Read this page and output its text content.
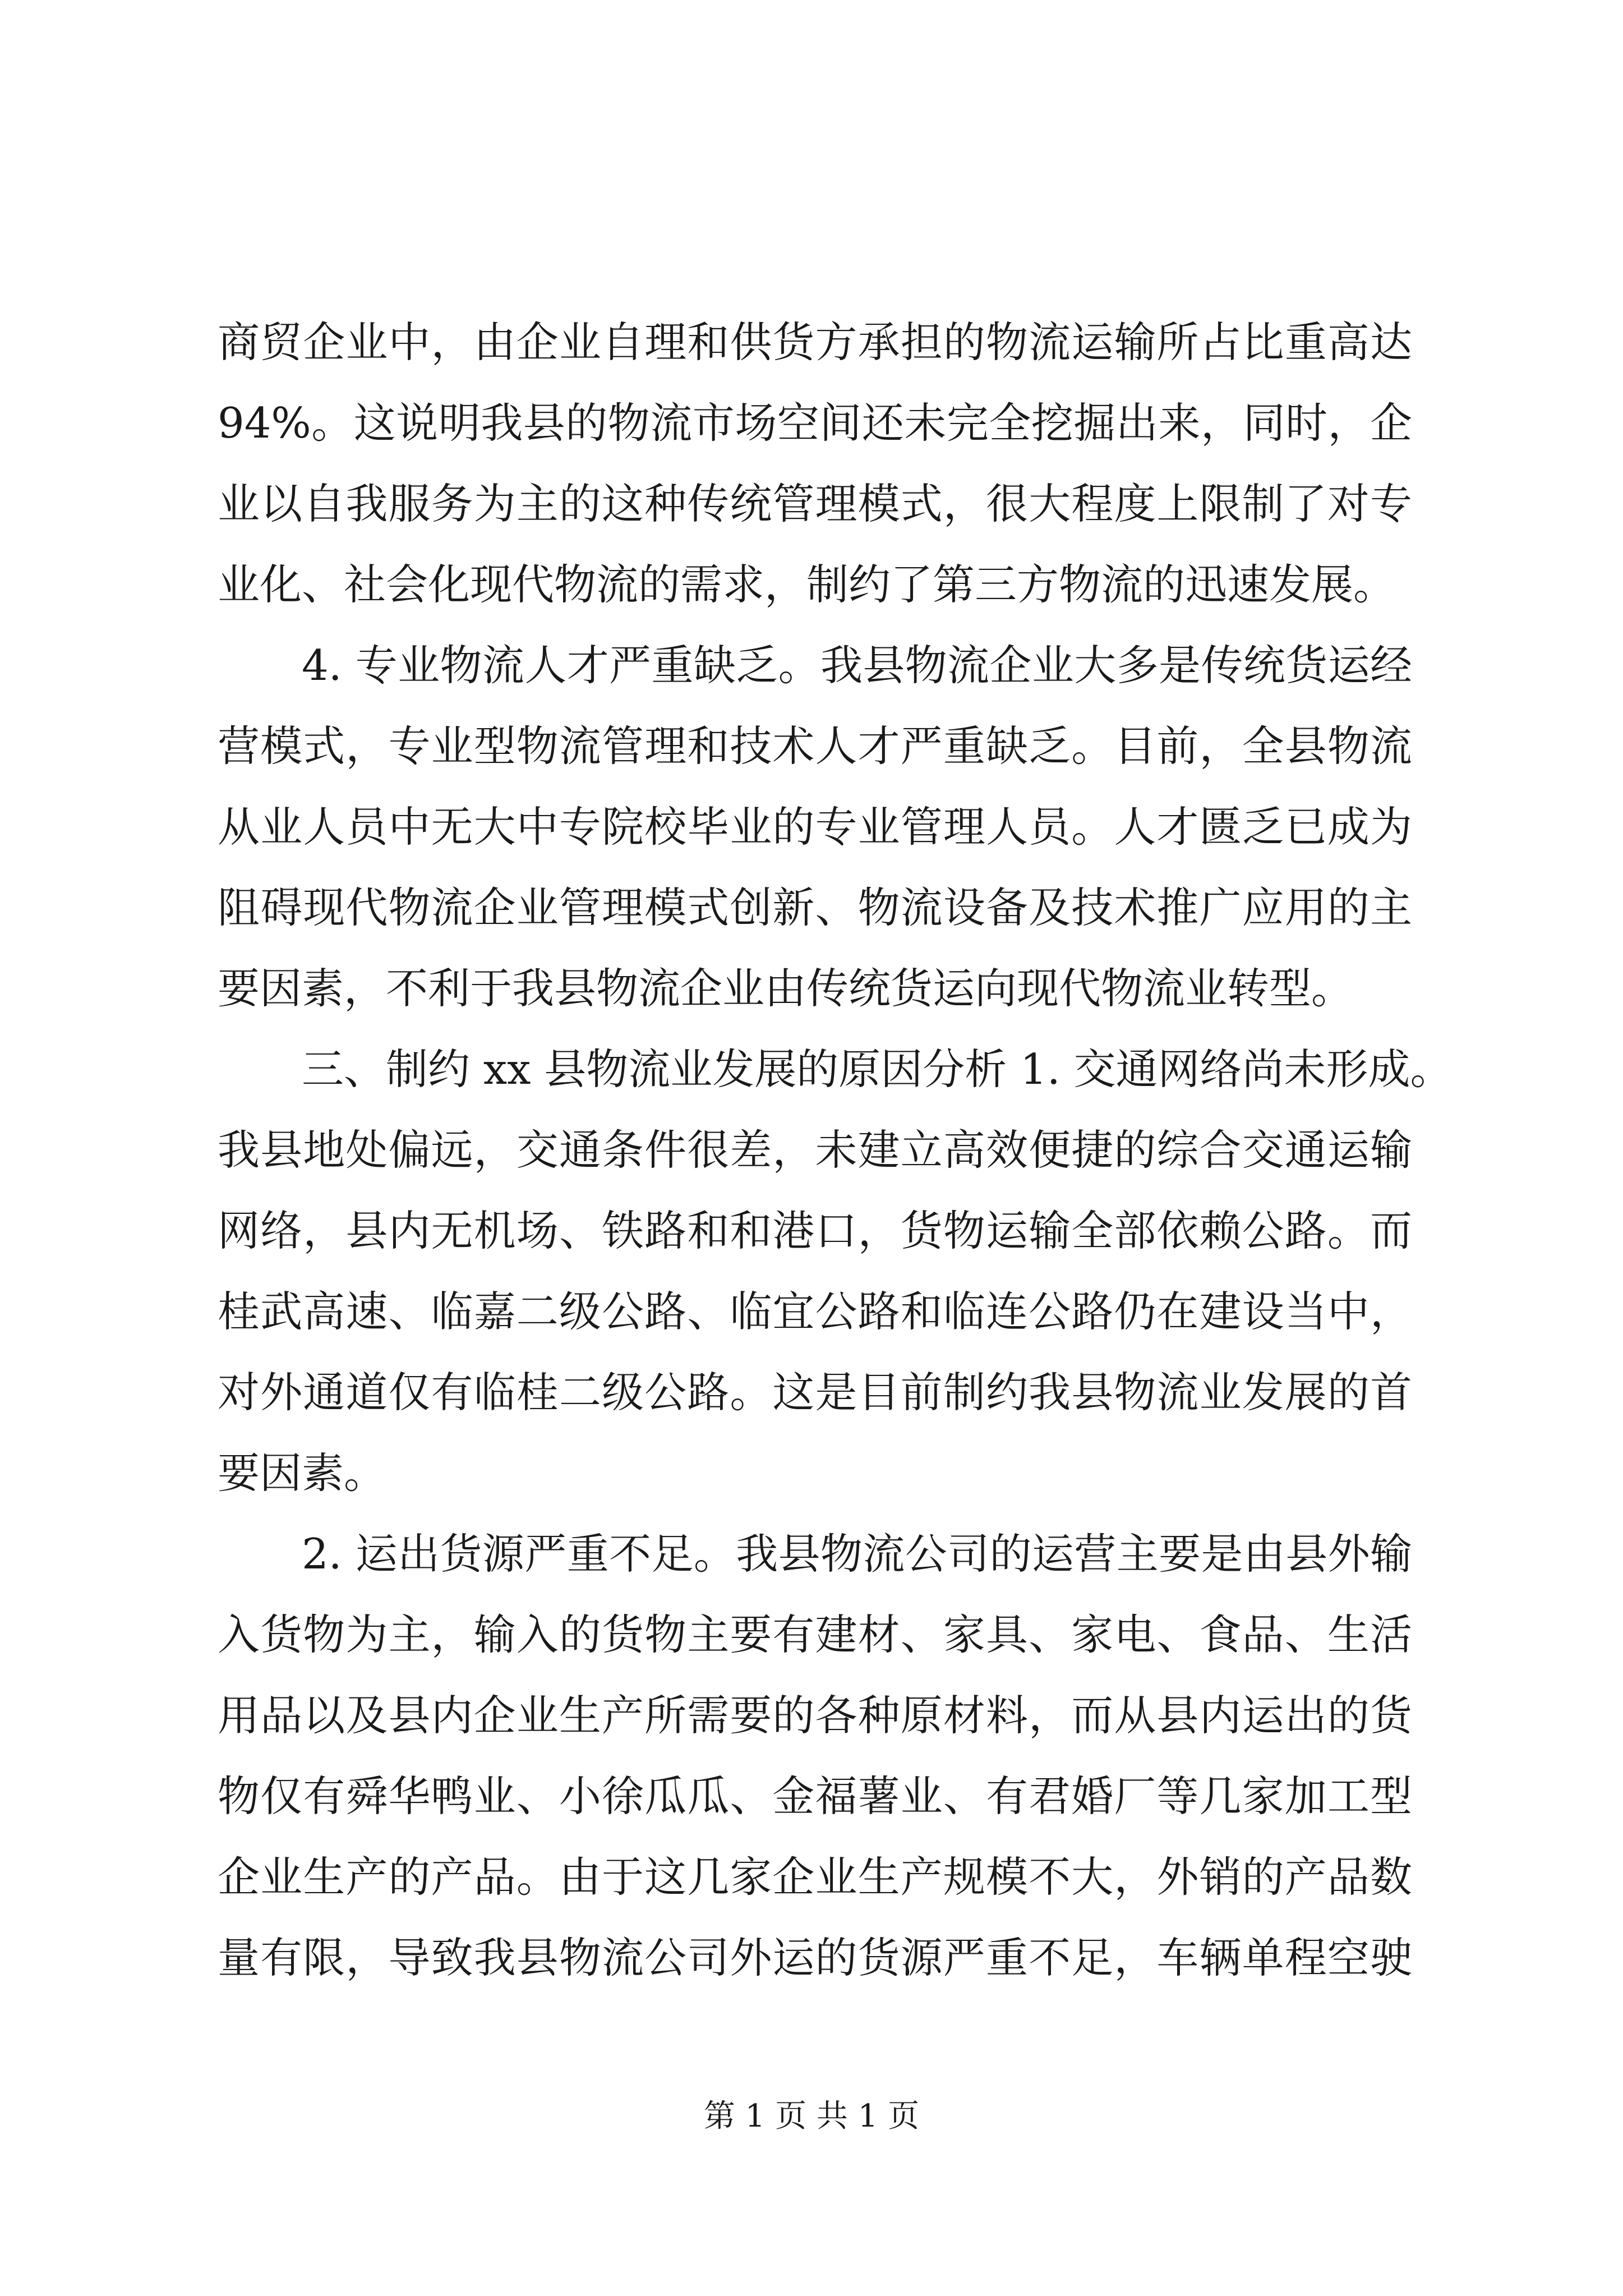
商贸企业中，由企业自理和供货方承担的物流运输所占比重高达
94%。这说明我县的物流市场空间还未完全挖掘出来，同时，企
业以自我服务为主的这种传统管理模式，很大程度上限制了对专
业化、社会化现代物流的需求，制约了第三方物流的迅速发展。
4. 专业物流人才严重缺乏。我县物流企业大多是传统货运经
营模式，专业型物流管理和技术人才严重缺乏。目前，全县物流
从业人员中无大中专院校毕业的专业管理人员。人才匮乏已成为
阻碍现代物流企业管理模式创新、物流设备及技术推广应用的主
要因素，不利于我县物流企业由传统货运向现代物流业转型。
三、制约 xx 县物流业发展的原因分析 1. 交通网络尚未形成。
我县地处偏远，交通条件很差，未建立高效便捷的综合交通运输
网络，县内无机场、铁路和和港口，货物运输全部依赖公路。而
桂武高速、临嘉二级公路、临宜公路和临连公路仍在建设当中，
对外通道仅有临桂二级公路。这是目前制约我县物流业发展的首
要因素。
2. 运出货源严重不足。我县物流公司的运营主要是由县外输
入货物为主，输入的货物主要有建材、家具、家电、食品、生活
用品以及县内企业生产所需要的各种原材料，而从县内运出的货
物仅有舜华鸭业、小徐瓜瓜、金福薯业、有君婚厂等几家加工型
企业生产的产品。由于这几家企业生产规模不大，外销的产品数
量有限，导致我县物流公司外运的货源严重不足，车辆单程空驶
第 1 页 共 1 页
